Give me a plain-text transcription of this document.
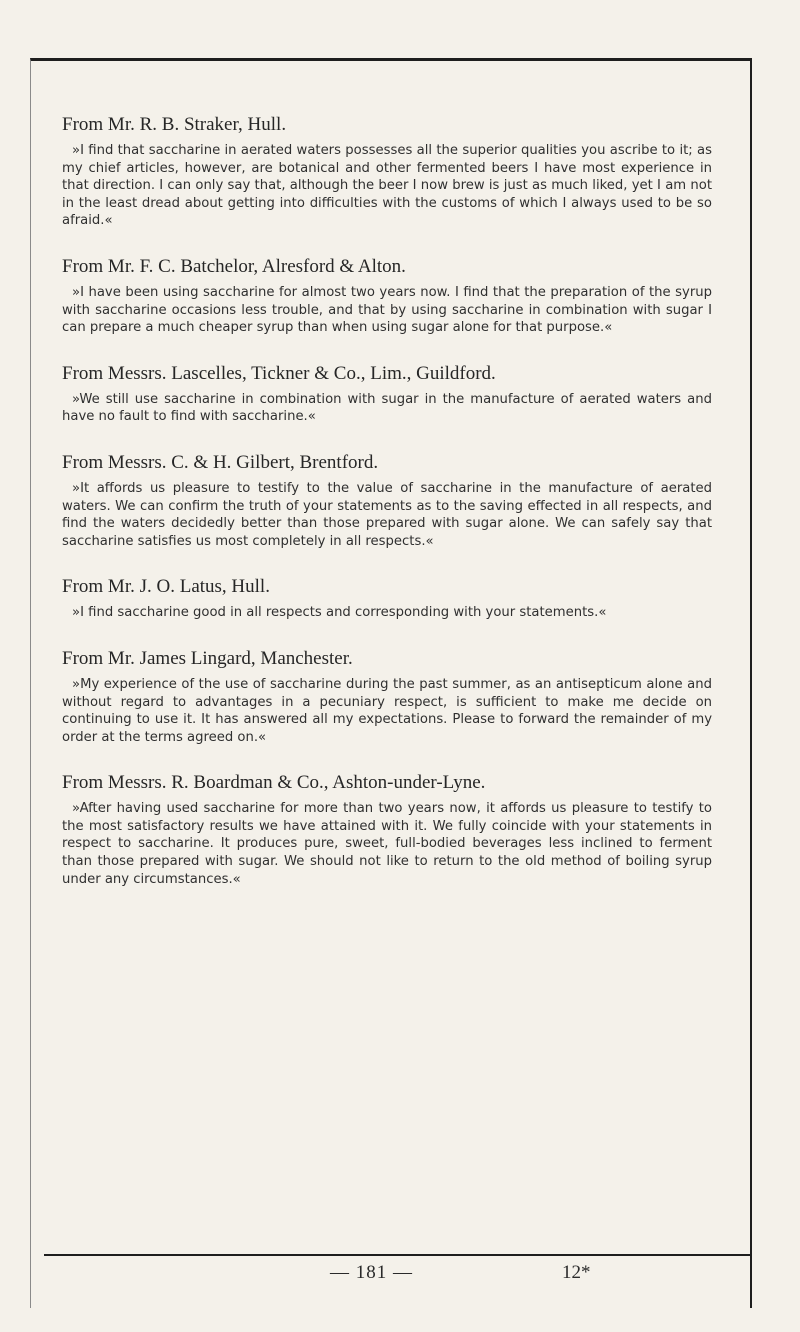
From Mr. R. B. Straker, Hull.

»I find that saccharine in aerated waters possesses all the superior qualities you ascribe to it; as my chief articles, however, are botanical and other fermented beers I have most experience in that direction. I can only say that, although the beer I now brew is just as much liked, yet I am not in the least dread about getting into difficulties with the customs of which I always used to be so afraid.«

From Mr. F. C. Batchelor, Alresford & Alton.

»I have been using saccharine for almost two years now. I find that the preparation of the syrup with saccharine occasions less trouble, and that by using saccharine in combination with sugar I can prepare a much cheaper syrup than when using sugar alone for that purpose.«

From Messrs. Lascelles, Tickner & Co., Lim., Guildford.

»We still use saccharine in combination with sugar in the manufacture of aerated waters and have no fault to find with saccharine.«

From Messrs. C. & H. Gilbert, Brentford.

»It affords us pleasure to testify to the value of saccharine in the manufacture of aerated waters. We can confirm the truth of your statements as to the saving effected in all respects, and find the waters decidedly better than those prepared with sugar alone. We can safely say that saccharine satisfies us most completely in all respects.«

From Mr. J. O. Latus, Hull.

»I find saccharine good in all respects and corresponding with your statements.«

From Mr. James Lingard, Manchester.

»My experience of the use of saccharine during the past summer, as an antisepticum alone and without regard to advantages in a pecuniary respect, is sufficient to make me decide on continuing to use it. It has answered all my expectations. Please to forward the remainder of my order at the terms agreed on.«

From Messrs. R. Boardman & Co., Ashton-under-Lyne.

»After having used saccharine for more than two years now, it affords us pleasure to testify to the most satisfactory results we have attained with it. We fully coincide with your statements in respect to saccharine. It produces pure, sweet, full-bodied beverages less inclined to ferment than those prepared with sugar. We should not like to return to the old method of boiling syrup under any circumstances.«

— 181 —	12*
